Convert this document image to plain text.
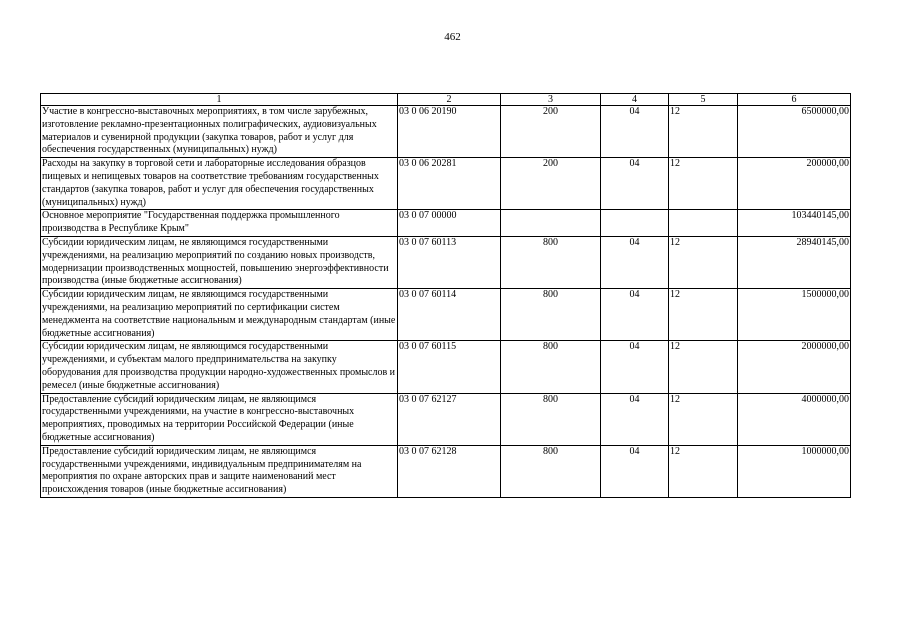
462
1	2	3	4	5	6
Участие в конгрессно-выставочных мероприятиях, в том числе зарубежных, изготовление рекламно-презентационных полиграфических, аудиовизуальных материалов и сувенирной продукции (закупка товаров, работ и услуг для обеспечения государственных (муниципальных) нужд)	03 0 06 20190	200	04	12	6500000,00
Расходы на закупку в торговой сети и лабораторные исследования образцов пищевых и непищевых товаров на соответствие требованиям государственных стандартов (закупка товаров, работ и услуг для обеспечения государственных (муниципальных) нужд)	03 0 06 20281	200	04	12	200000,00
Основное мероприятие "Государственная поддержка промышленного производства в Республике Крым"	03 0 07 00000				103440145,00
Субсидии юридическим лицам, не являющимся государственными учреждениями, на реализацию мероприятий по созданию новых производств, модернизации производственных мощностей, повышению энергоэффективности производства (иные бюджетные ассигнования)	03 0 07 60113	800	04	12	28940145,00
Субсидии юридическим лицам, не являющимся государственными учреждениями, на реализацию мероприятий по сертификации систем менеджмента на соответствие национальным и международным стандартам (иные бюджетные ассигнования)	03 0 07 60114	800	04	12	1500000,00
Субсидии юридическим лицам, не являющимся государственными учреждениями, и субъектам малого предпринимательства на закупку оборудования для производства продукции народно-художественных промыслов и ремесел (иные бюджетные ассигнования)	03 0 07 60115	800	04	12	2000000,00
Предоставление субсидий юридическим лицам, не являющимся государственными учреждениями, на участие в конгрессно-выставочных мероприятиях, проводимых на территории Российской Федерации (иные бюджетные ассигнования)	03 0 07 62127	800	04	12	4000000,00
Предоставление субсидий юридическим лицам, не являющимся государственными учреждениями, индивидуальным предпринимателям на мероприятия по охране авторских прав и защите наименований мест происхождения товаров (иные бюджетные ассигнования)	03 0 07 62128	800	04	12	1000000,00
